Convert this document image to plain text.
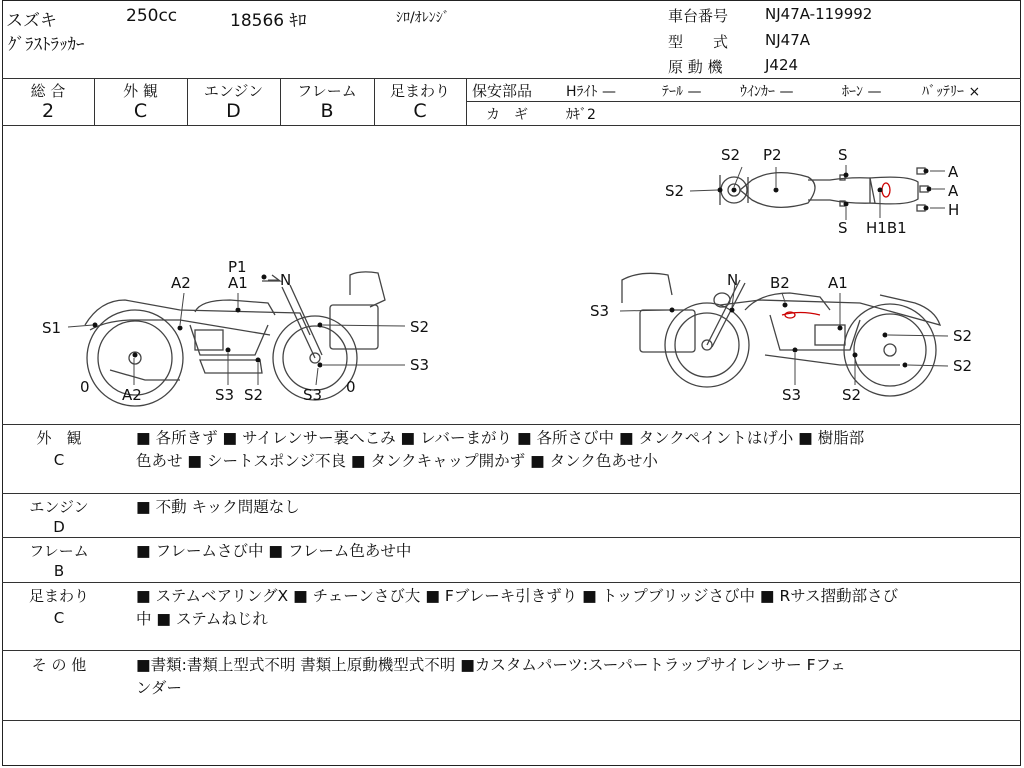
スズキ	250cc	18566 ｷﾛ	ｼﾛ/ｵﾚﾝｼﾞ
ｸﾞﾗｽﾄﾗｯｶｰ
車台番号 NJ47A-119992
型　　式 NJ47A
原 動 機	J424
総 合
2
外 観
C
エンジン
D
フレーム
B
足まわり
C
保安部品 Hﾗｲﾄ —	ﾃｰﾙ —	ｳｲﾝｶｰ —	ﾎｰﾝ —	ﾊﾞｯﾃﾘｰ ×
カ　ギ	ｶｷﾞ2
S2 P2	S
A
S2	A
H
S H1B1
P1
A1 N
A2
S1	S2
S3
0 A2	S3 S2	S3 0
N B2	A1
S3
S2
S2
S3	S2
外　観
C
■ 各所きず ■ サイレンサー裏へこみ ■ レバーまがり ■ 各所さび中 ■ タンクペイントはげ小 ■ 樹脂部
色あせ ■ シートスポンジ不良 ■ タンクキャップ開かず ■ タンク色あせ小
エンジン
D
■ 不動 キック問題なし
フレーム
B
■ フレームさび中 ■ フレーム色あせ中
足まわり
C
■ ステムベアリングX ■ チェーンさび大 ■ Fブレーキ引きずり ■ トップブリッジさび中 ■ Rサス摺動部さび
中 ■ ステムねじれ
そ の 他	■書類:書類上型式不明 書類上原動機型式不明 ■カスタムパーツ:スーパートラップサイレンサー Fフェ
ンダー
